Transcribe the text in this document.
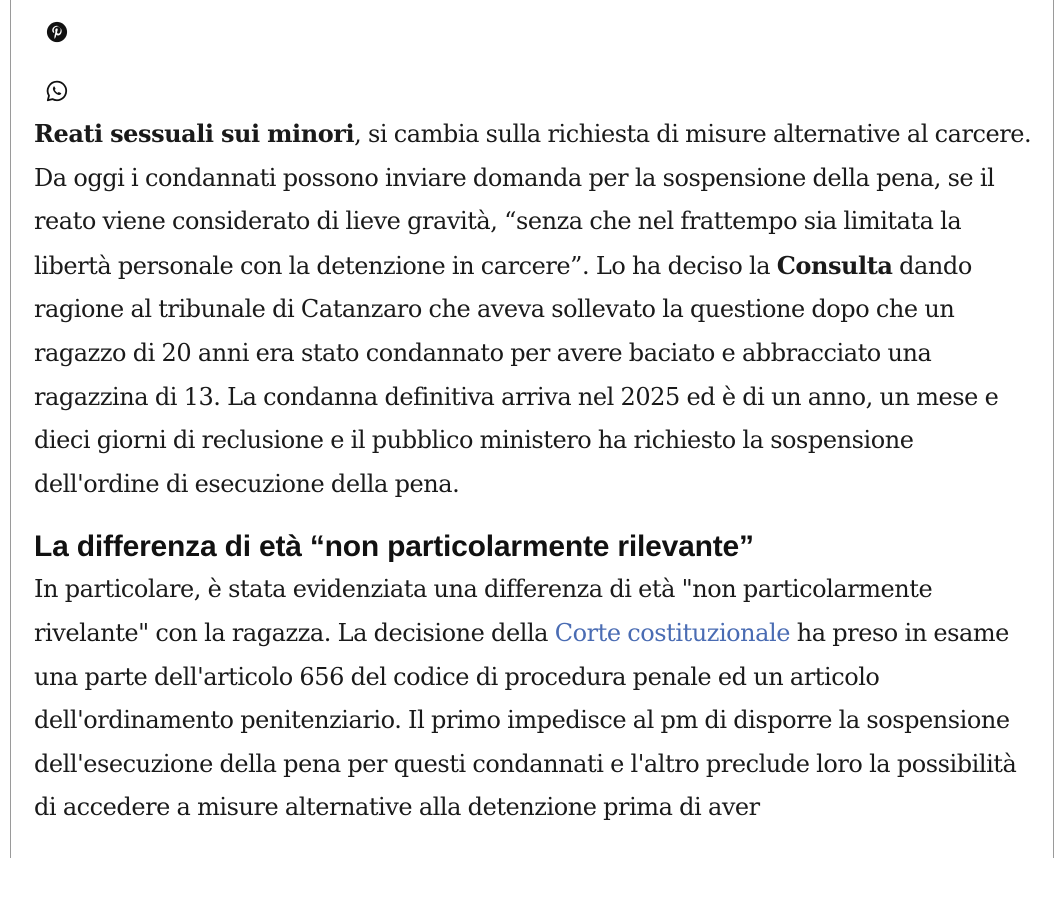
Reati sessuali sui minori, si cambia sulla richiesta di misure alternative al carcere. Da oggi i condannati possono inviare domanda per la sospensione della pena, se il reato viene considerato di lieve gravità, “senza che nel frattempo sia limitata la libertà personale con la detenzione in carcere”. Lo ha deciso la Consulta dando ragione al tribunale di Catanzaro che aveva sollevato la questione dopo che un ragazzo di 20 anni era stato condannato per avere baciato e abbracciato una ragazzina di 13. La condanna definitiva arriva nel 2025 ed è di un anno, un mese e dieci giorni di reclusione e il pubblico ministero ha richiesto la sospensione dell'ordine di esecuzione della pena.

La differenza di età “non particolarmente rilevante”

In particolare, è stata evidenziata una differenza di età "non particolarmente rivelante" con la ragazza. La decisione della Corte costituzionale ha preso in esame una parte dell'articolo 656 del codice di procedura penale ed un articolo dell'ordinamento penitenziario. Il primo impedisce al pm di disporre la sospensione dell'esecuzione della pena per questi condannati e l'altro preclude loro la possibilità di accedere a misure alternative alla detenzione prima di aver
